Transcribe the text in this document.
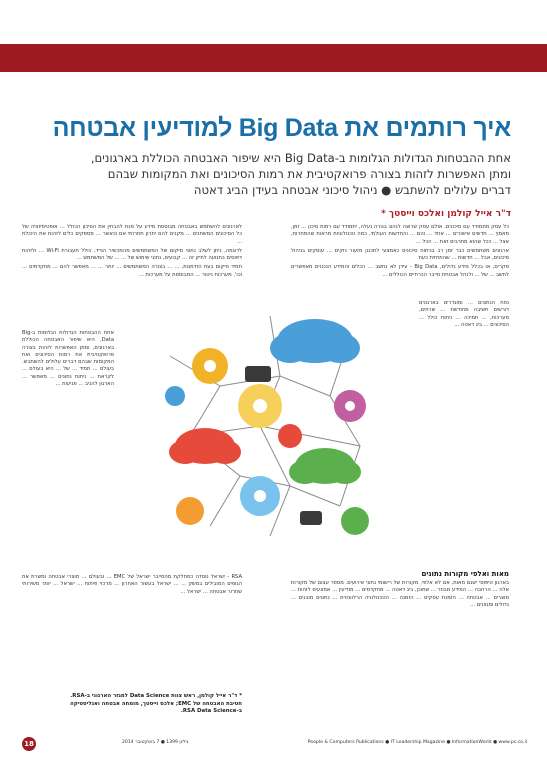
איך רותמים את Big Data למודיעין אבטחה
אחת ההבטחות הגדולות הגלומות ב-Big Data היא שיפור האבטחה הכוללת בארגונים,
ומתן האפשרות לזהות בצורה פרואקטיבית את רמות הסיכונים ואת המקומות שבהם
דברים עלולים להשתבש ● ניהול סיכוני אבטחה בעידן הביג דאטה
ד"ר אייל קולמן ואלכס וייסטך *

כל עסק מתמודד עם סיכונים. אולם עסק שרוצה לנהוג בנורה נעלה, יתמודד עם רמות סיכון ... זמן, מאמץ ... חדשים אישורים ... אחד ... והם ... והחדשות העולמי, כמה טכנולוגיות מראות שהמחרות, אצל ... ככל שהוא מתרבים זאת ... הכל ...

ארגונים משתמשים כבר זמן רב בניתוח סיכונים כאמצעי לתכנון מזעור נזקים ... עוסקים בניהול סיכונים, אבל ... חדשות ... שהתחזית כעת

סקרים, או בכלל מידע גדולים, Big Data - עידן לא נחשב ... הכלים והמידע הנכונים מאפשרים לחשב ... של ... ולנהל אבטחת סייבר הכרחיים הכוללים ...

לארגונים להשתמש באבטחה מבוססת מידע על מנת להבחין את הסיכון הכולל ... אופטימיזציה של כל הסיכונים המשתנים ... מקנים להם יתרון תחרותי אם וכאשר ... מספקים כלים לזהות את היכולת ...

לדוגמה, ניתן לשלב נתוני מיקום של המשתמשים מהמכשיר הנייד, כולל תעבורת Wi-Fi ... ולזהות דפוסים בתנועה לתיק זה ... קבועים, נתוני שימוש של ... ... של המשתמש ...

תמיד מיקום בעת הזדמנות, ... ... בצורה המשתמשים ... יותר ... ... מאפשר להם ... מתקדמים ... וכו'. מערכות ניטור ... המבוססת על מערכות ...

נפח הנתונים ... ומוגדרים בארגונים דורשים חשיבה מחודשת ... שרתים, מערכות, ... תמיכה ... ניתוח כולל ... הסיכונים ... ביג דאטה ...

אחת ההבטחות הגדולות הגלומות ב-Big Data, היא שיפור האבטחה הכוללת בארגונים, ומתן האפשרות לזהות בצורה פרואקטיבית את רמות הסיכונים ואת המקומות שבהם דברים עלולים להשתבש. בעולם ... תמיד ... של ... היא בעולם ... לקראת ... ניתוח נתונים ... מאפשר ... הארגון להגיב ... פגיעות ...

מאות ואלפי מקורות נתונים

בארגון טיפוסי ישנם מאות, אם לא אלפי, מקורות של רישומי נתוני אירועים. מספר עצום של מקורות אלה ... הרחבה ... המידע מבוזר ... שתוכן, ביג דאטה ... מתקדמים ... מודיעין ... אמצעים לזהות ... מוצרים ... אבטחה ... הזמנת עסקים ... הזמנה ... הטכנולוגיה הרלוונטית ... נתונים מובנים ... גדולים ומגוונים ...

RSA - ישראל נוסדה כמחלקת מהסייבר ישראל של EMC ... ובעולם ... מוצרי אבטחה ומשרת את הגופים המובילים במשק ... ... ישראל בעשור האחרון ... מרכזי פיתוח ... ישראל ... יותר משירותי שחרור אבטחה ... ישראל ...

* ד"ר אייל קולמן, ראש צוות Data Science למגזר הארגוני ב-RSA.
חטיבת האבטחה של EMC; אלכס וייסטך, מומחה אבטחה ואנליסטיקה
ב-RSA Data Science.
18	גיליון 1399 ● 7 באוקטובר 2014	People & Computers Publications ● IT Leadership Magazine ● InformationWorld ● www.pc.co.il
